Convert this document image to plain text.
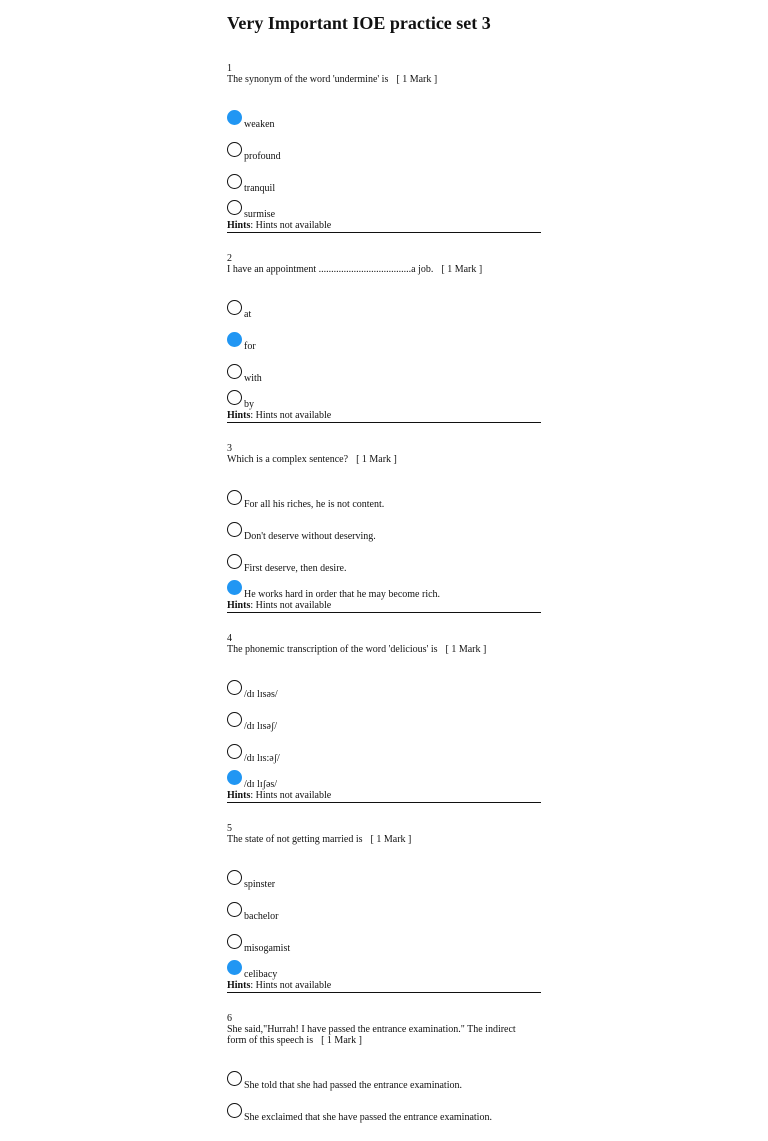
Very Important IOE practice set 3
1
The synonym of the word 'undermine' is [ 1 Mark ]
weaken
profound
tranquil
surmise
Hints: Hints not available
2
I have an appointment .....................................a job. [ 1 Mark ]
at
for
with
by
Hints: Hints not available
3
Which is a complex sentence? [ 1 Mark ]
For all his riches, he is not content.
Don't deserve without deserving.
First deserve, then desire.
He works hard in order that he may become rich.
Hints: Hints not available
4
The phonemic transcription of the word 'delicious' is [ 1 Mark ]
/dɪ lɪsəs/
/dɪ lɪsəʃ/
/dɪ lɪs:əʃ/
/dɪ lɪʃəs/
Hints: Hints not available
5
The state of not getting married is [ 1 Mark ]
spinster
bachelor
misogamist
celibacy
Hints: Hints not available
6
She said,"Hurrah! I have passed the entrance examination." The indirect form of this speech is [ 1 Mark ]
She told that she had passed the entrance examination.
She exclaimed that she have passed the entrance examination.
